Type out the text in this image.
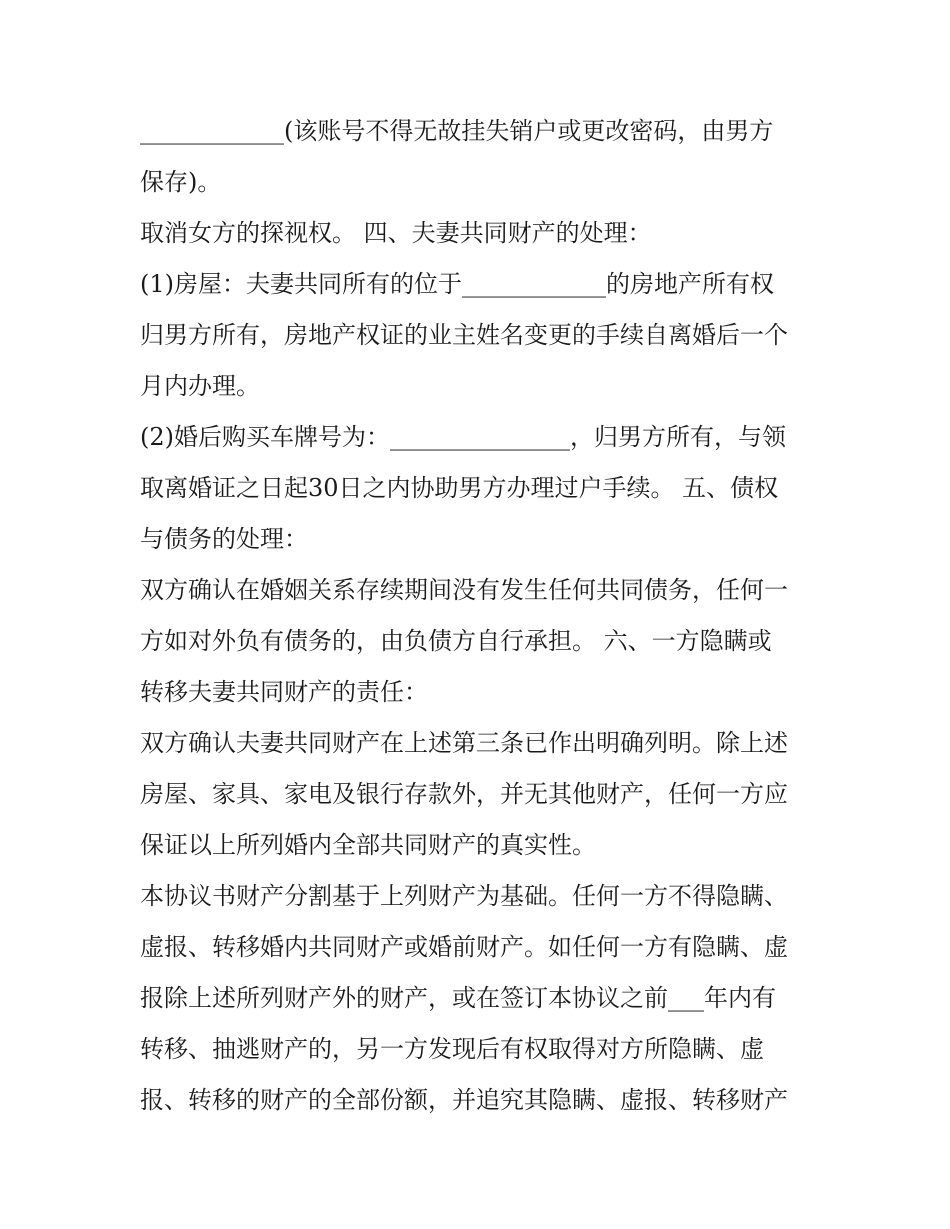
____________(该账号不得无故挂失销户或更改密码，由男方
保存)。
取消女方的探视权。 四、夫妻共同财产的处理：
(1)房屋：夫妻共同所有的位于____________的房地产所有权
归男方所有，房地产权证的业主姓名变更的手续自离婚后一个
月内办理。
(2)婚后购买车牌号为：_______________，归男方所有，与领
取离婚证之日起30日之内协助男方办理过户手续。 五、债权
与债务的处理：
双方确认在婚姻关系存续期间没有发生任何共同债务，任何一
方如对外负有债务的，由负债方自行承担。 六、一方隐瞒或
转移夫妻共同财产的责任：
双方确认夫妻共同财产在上述第三条已作出明确列明。除上述
房屋、家具、家电及银行存款外，并无其他财产，任何一方应
保证以上所列婚内全部共同财产的真实性。
本协议书财产分割基于上列财产为基础。任何一方不得隐瞒、
虚报、转移婚内共同财产或婚前财产。如任何一方有隐瞒、虚
报除上述所列财产外的财产，或在签订本协议之前___年内有
转移、抽逃财产的，另一方发现后有权取得对方所隐瞒、虚
报、转移的财产的全部份额，并追究其隐瞒、虚报、转移财产
